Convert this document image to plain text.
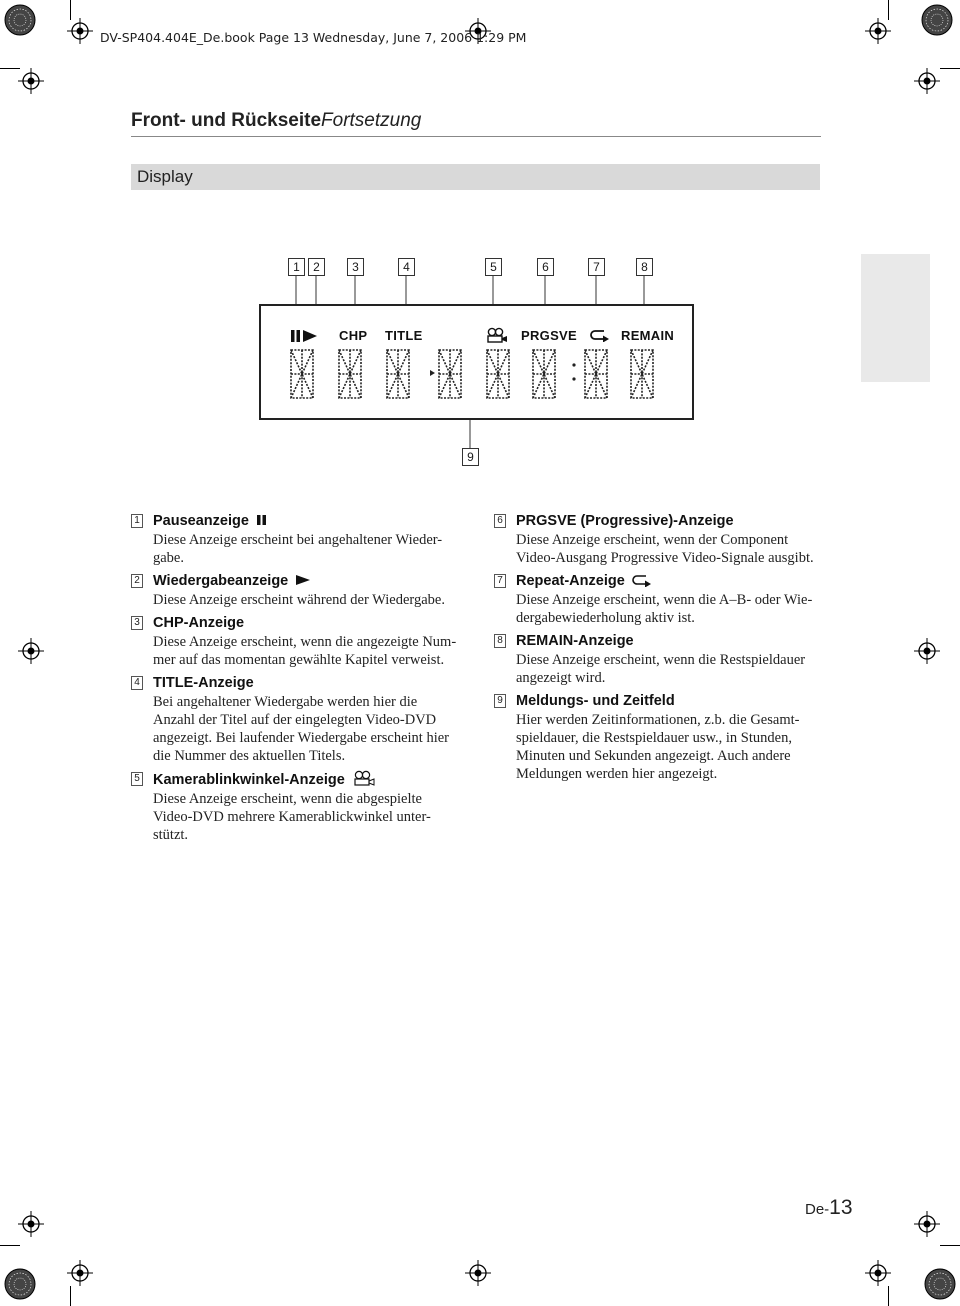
DV-SP404.404E_De.book Page 13 Wednesday, June 7, 2006 1:29 PM
Front- und RückseiteFortsetzung
Display
1	2	3	4	5	6	7	8
9
CHP TITLE	PRGSVE	REMAIN
1 Pauseanzeige
Diese Anzeige erscheint bei angehaltener Wieder-
gabe.
2 Wiedergabeanzeige
Diese Anzeige erscheint während der Wiedergabe.
3 CHP-Anzeige
Diese Anzeige erscheint, wenn die angezeigte Num-
mer auf das momentan gewählte Kapitel verweist.
4 TITLE-Anzeige
Bei angehaltener Wiedergabe werden hier die
Anzahl der Titel auf der eingelegten Video-DVD
angezeigt. Bei laufender Wiedergabe erscheint hier
die Nummer des aktuellen Titels.
5 Kamerablinkwinkel-Anzeige
Diese Anzeige erscheint, wenn die abgespielte
Video-DVD mehrere Kamerablickwinkel unter-
stützt.
6 PRGSVE (Progressive)-Anzeige
Diese Anzeige erscheint, wenn der Component
Video-Ausgang Progressive Video-Signale ausgibt.
7 Repeat-Anzeige
Diese Anzeige erscheint, wenn die A–B- oder Wie-
dergabewiederholung aktiv ist.
8 REMAIN-Anzeige
Diese Anzeige erscheint, wenn die Restspieldauer
angezeigt wird.
9 Meldungs- und Zeitfeld
Hier werden Zeitinformationen, z.b. die Gesamt-
spieldauer, die Restspieldauer usw., in Stunden,
Minuten und Sekunden angezeigt. Auch andere
Meldungen werden hier angezeigt.
De-13
